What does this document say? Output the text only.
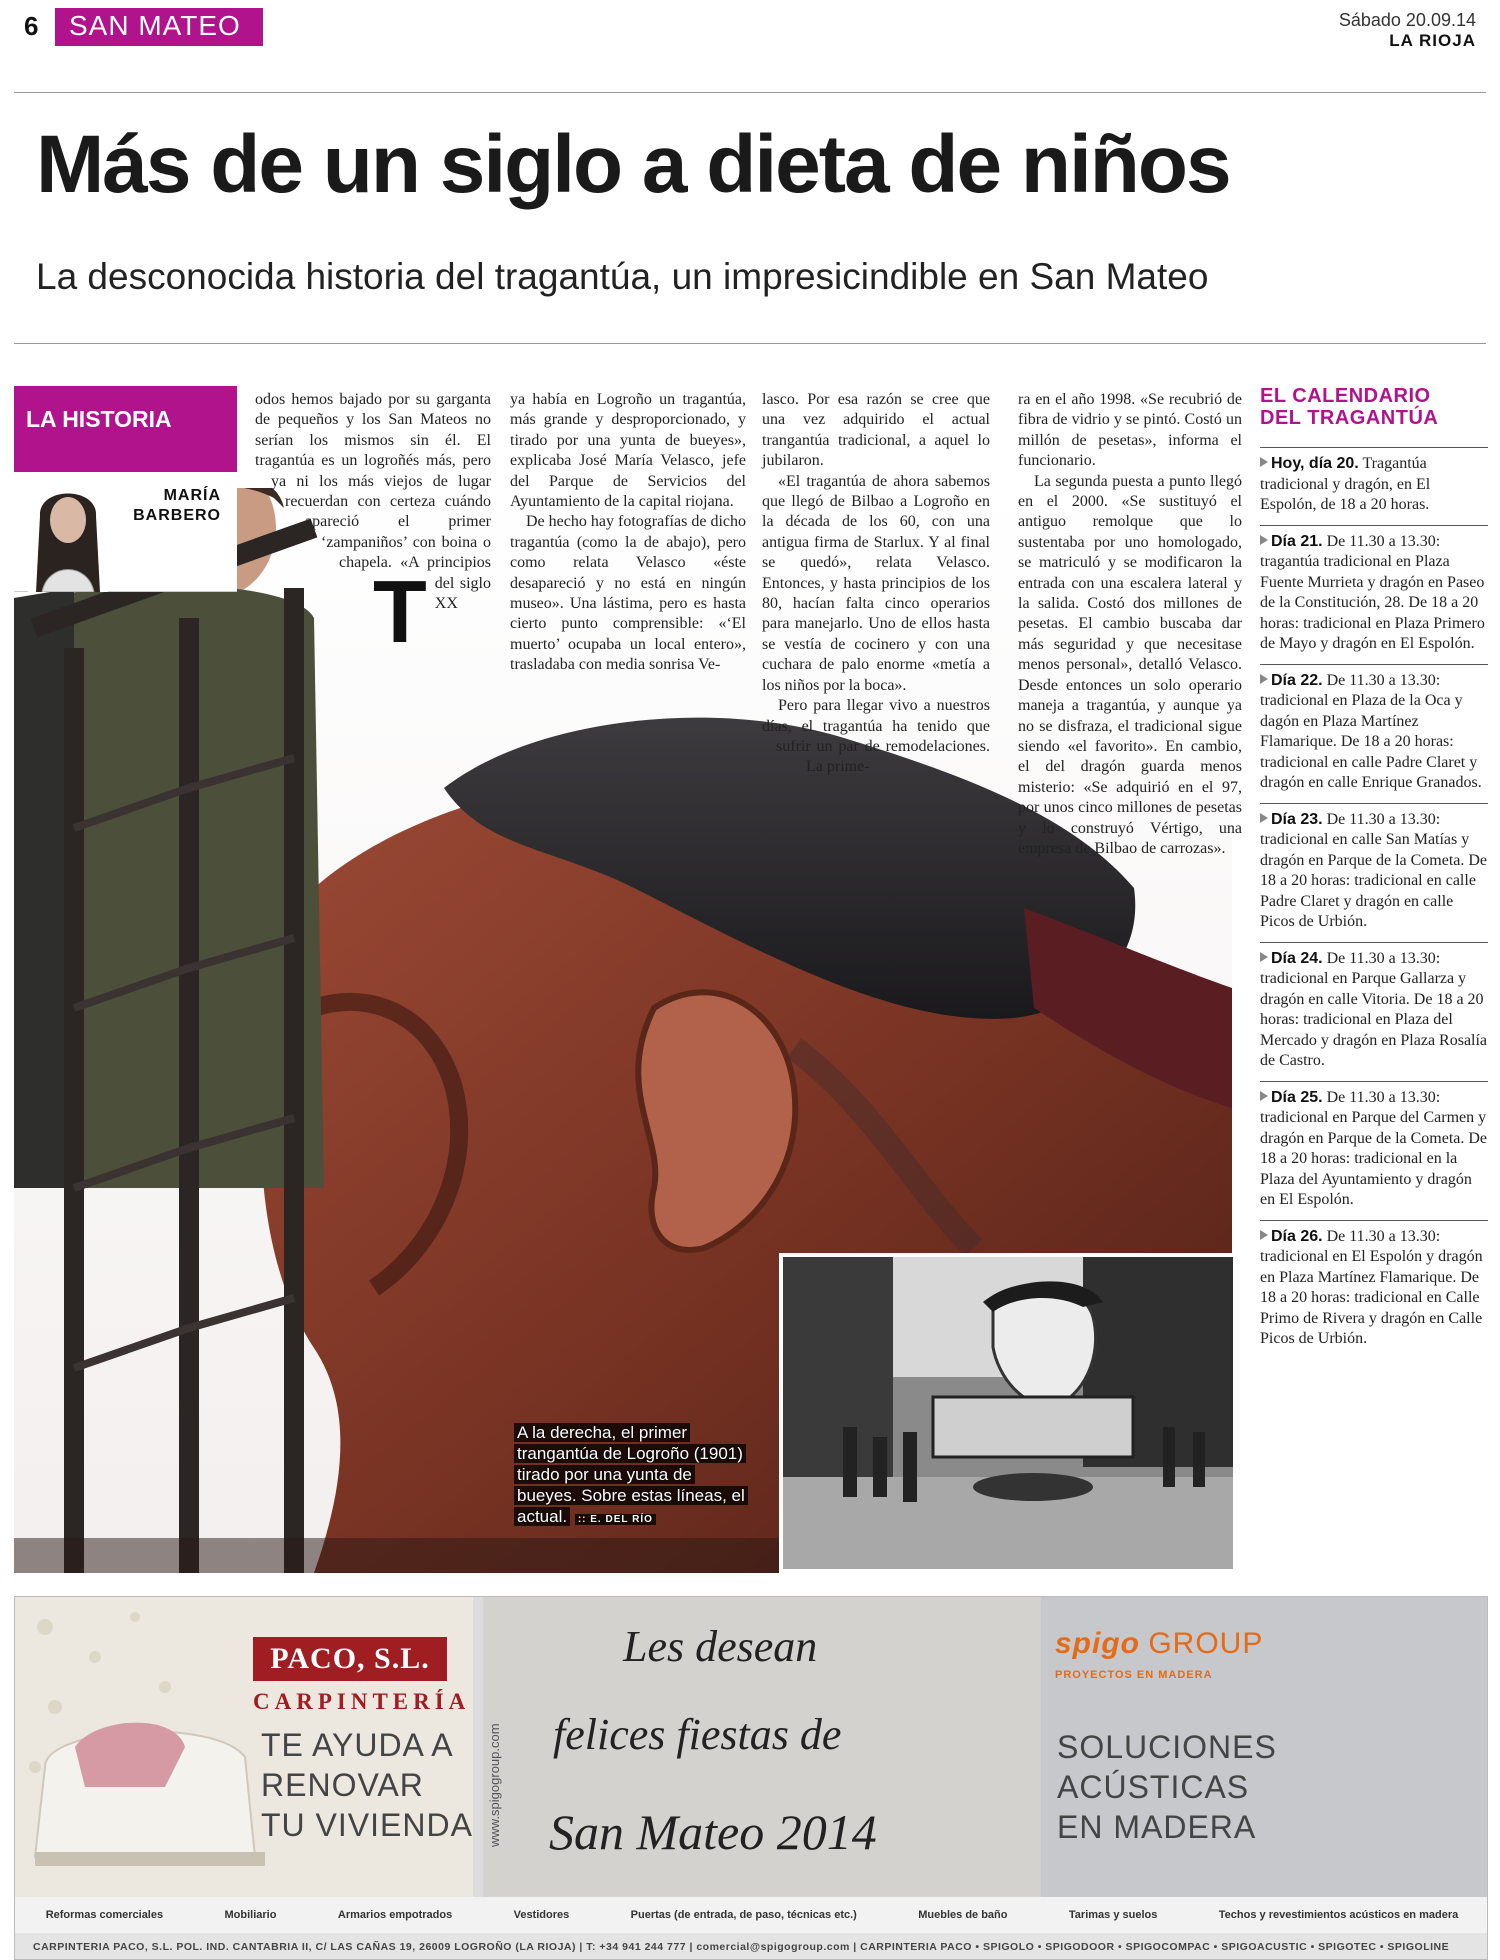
6	SAN MATEO	Sábado 20.09.14
LA RIOJA
Más de un siglo a dieta de niños
La desconocida historia del tragantúa, un impresicindible en San Mateo
LA HISTORIA
MARÍA
BARBERO
T

odos hemos bajado por su garganta de pequeños y los San Mateos no serían los mismos sin él. El tragantúa es un logroñés más, pero ya ni los más viejos de lugar recuerdan con certeza cuándo apareció el primer ‘zampaniños’ con boina o chapela. «A principios del siglo XX

ya había en Logroño un tragantúa, más grande y desproporcionado, y tirado por una yunta de bueyes», explicaba José María Velasco, jefe del Parque de Servicios del Ayuntamiento de la capital riojana.

De hecho hay fotografías de dicho tragantúa (como la de abajo), pero como relata Velasco «éste desapareció y no está en ningún museo». Una lástima, pero es hasta cierto punto comprensible: «‘El muerto’ ocupaba un local entero», trasladaba con media sonrisa Ve-

lasco. Por esa razón se cree que una vez adquirido el actual trangantúa tradicional, a aquel lo jubilaron.

«El tragantúa de ahora sabemos que llegó de Bilbao a Logroño en la década de los 60, con una antigua firma de Starlux. Y al final se quedó», relata Velasco. Entonces, y hasta principios de los 80, hacían falta cinco operarios para manejarlo. Uno de ellos hasta se vestía de cocinero y con una cuchara de palo enorme «metía a los niños por la boca».

Pero para llegar vivo a nuestros días, el tragantúa ha tenido que sufrir un par de remodelaciones. La prime-

ra en el año 1998. «Se recubrió de fibra de vidrio y se pintó. Costó un millón de pesetas», informa el funcionario.

La segunda puesta a punto llegó en el 2000. «Se sustituyó el antiguo remolque que lo sustentaba por uno homologado, se matriculó y se modificaron la entrada con una escalera lateral y la salida. Costó dos millones de pesetas. El cambio buscaba dar más seguridad y que necesitase menos personal», detalló Velasco. Desde entonces un solo operario maneja a tragantúa, y aunque ya no se disfraza, el tradicional sigue siendo «el favorito». En cambio, el del dragón guarda menos misterio: «Se adquirió en el 97, por unos cinco millones de pesetas y lo construyó Vértigo, una empresa de Bilbao de carrozas».

A la derecha, el primer trangantúa de Logroño (1901) tirado por una yunta de bueyes. Sobre estas líneas, el actual. :: E. DEL RÍO
EL CALENDARIO
DEL TRAGANTÚA
Hoy, día 20. Tragantúa tradicional y dragón, en El Espolón, de 18 a 20 horas.
Día 21. De 11.30 a 13.30: tragantúa tradicional en Plaza Fuente Murrieta y dragón en Paseo de la Constitución, 28. De 18 a 20 horas: tradicional en Plaza Primero de Mayo y dragón en El Espolón.
Día 22. De 11.30 a 13.30: tradicional en Plaza de la Oca y dagón en Plaza Martínez Flamarique. De 18 a 20 horas: tradicional en calle Padre Claret y dragón en calle Enrique Granados.
Día 23. De 11.30 a 13.30: tradicional en calle San Matías y dragón en Parque de la Cometa. De 18 a 20 horas: tradicional en calle Padre Claret y dragón en calle Picos de Urbión.
Día 24. De 11.30 a 13.30: tradicional en Parque Gallarza y dragón en calle Vitoria. De 18 a 20 horas: tradicional en Plaza del Mercado y dragón en Plaza Rosalía de Castro.
Día 25. De 11.30 a 13.30: tradicional en Parque del Carmen y dragón en Parque de la Cometa. De 18 a 20 horas: tradicional en la Plaza del Ayuntamiento y dragón en El Espolón.
Día 26. De 11.30 a 13.30: tradicional en El Espolón y dragón en Plaza Martínez Flamarique. De 18 a 20 horas: tradicional en Calle Primo de Rivera y dragón en Calle Picos de Urbión.
PACO, S.L.
CARPINTERÍA
TE AYUDA A
RENOVAR
TU VIVIENDA
Les desean
felices fiestas de
San Mateo 2014
www.spigogroup.com
spigo GROUP
PROYECTOS EN MADERA
SOLUCIONES
ACÚSTICAS
EN MADERA
Reformas comerciales	Mobiliario	Armarios empotrados	Vestidores	Puertas (de entrada, de paso, técnicas etc.)	Muebles de baño	Tarimas y suelos	Techos y revestimientos acústicos en madera
CARPINTERIA PACO, S.L. POL. IND. CANTABRIA II, C/ LAS CAÑAS 19, 26009 LOGROÑO (LA RIOJA) | T: +34 941 244 777 | comercial@spigogroup.com | CARPINTERIA PACO • SPIGOLO • SPIGODOOR • SPIGOCOMPAC • SPIGOACUSTIC • SPIGOTEC • SPIGOLINE
